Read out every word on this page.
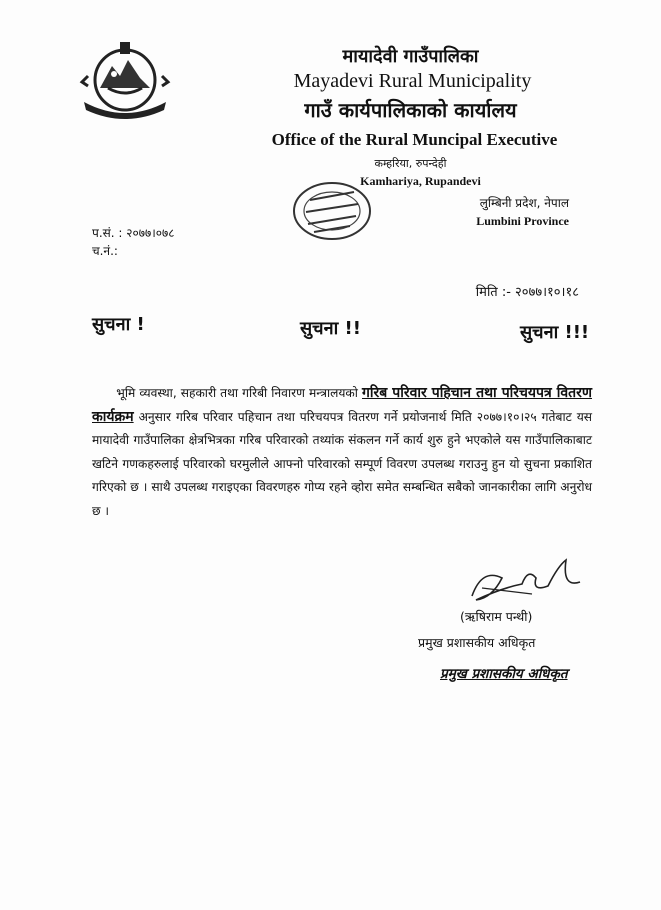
मायादेवी गाउँपालिका
Mayadevi Rural Municipality
गाउँ कार्यपालिकाको कार्यालय
Office of the Rural Muncipal Executive
कम्हरिया, रुपन्देही
Kamhariya, Rupandevi
लुम्बिनी प्रदेश, नेपाल
Lumbini Province
प.सं. : २०७७।०७८
च.नं.:
मिति :- २०७७।१०।१८
सुचना !	सुचना !!	सुचना !!!
भूमि व्यवस्था, सहकारी तथा गरिबी निवारण मन्त्रालयको गरिब परिवार पहिचान तथा परिचयपत्र वितरण कार्यक्रम अनुसार गरिब परिवार पहिचान तथा परिचयपत्र वितरण गर्ने प्रयोजनार्थ मिति २०७७।१०।२५ गतेबाट यस मायादेवी गाउँपालिका क्षेत्रभित्रका गरिब परिवारको तथ्यांक संकलन गर्ने कार्य शुरु हुने भएकोले यस गाउँपालिकाबाट खटिने गणकहरुलाई परिवारको घरमुलीले आफ्नो परिवारको सम्पूर्ण विवरण उपलब्ध गराउनु हुन यो सुचना प्रकाशित गरिएको छ । साथै उपलब्ध गराइएका विवरणहरु गोप्य रहने व्हाेरा समेत सम्बन्धित सबैको जानकारीका लागि अनुरोध छ ।
(ऋषिराम पन्थी)
प्रमुख प्रशासकीय अधिकृत
प्रमुख प्रशासकीय अधिकृत
